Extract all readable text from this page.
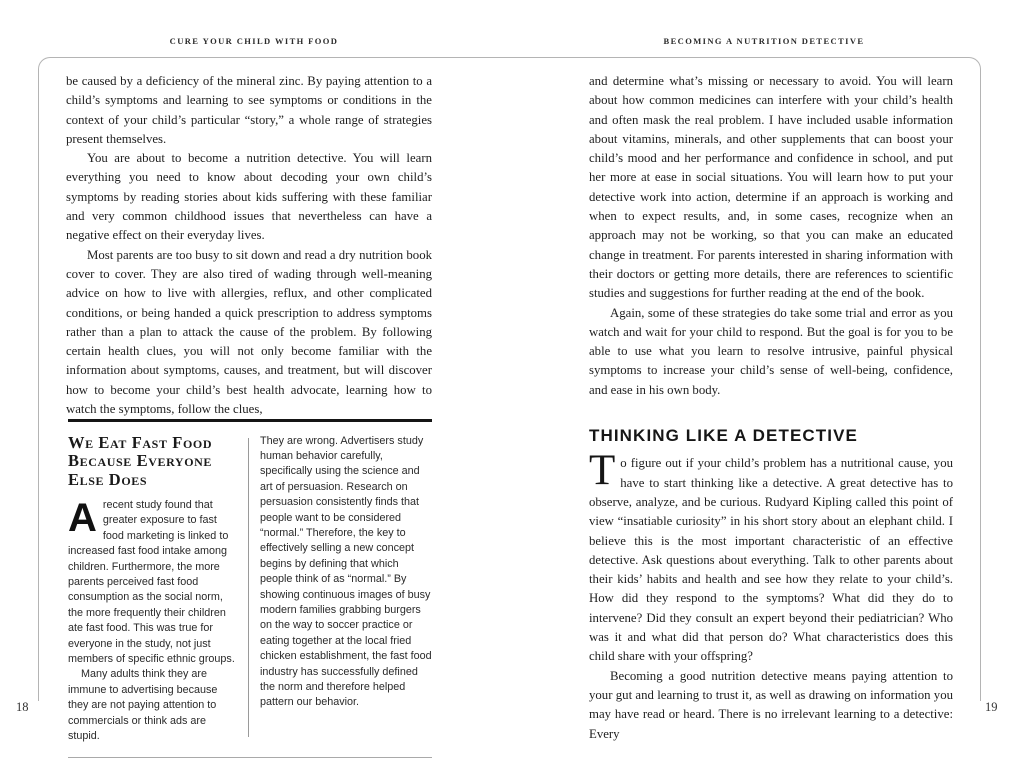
CURE YOUR CHILD WITH FOOD	BECOMING A NUTRITION DETECTIVE

be caused by a deficiency of the mineral zinc. By paying attention to a child’s symptoms and learning to see symptoms or conditions in the context of your child’s particular “story,” a whole range of strategies present themselves.

You are about to become a nutrition detective. You will learn everything you need to know about decoding your own child’s symptoms by reading stories about kids suffering with these familiar and very common childhood issues that nevertheless can have a negative effect on their everyday lives.

Most parents are too busy to sit down and read a dry nutrition book cover to cover. They are also tired of wading through well-meaning advice on how to live with allergies, reflux, and other complicated conditions, or being handed a quick prescription to address symptoms rather than a plan to attack the cause of the problem. By following certain health clues, you will not only become familiar with the information about symptoms, causes, and treatment, but will discover how to become your child’s best health advocate, learning how to watch the symptoms, follow the clues,

We Eat Fast Food Because Everyone Else Does

Arecent study found that greater exposure to fast food marketing is linked to increased fast food intake among children. Furthermore, the more parents perceived fast food consumption as the social norm, the more frequently their children ate fast food. This was true for everyone in the study, not just members of specific ethnic groups.

Many adults think they are immune to advertising because they are not paying attention to commercials or think ads are stupid.

They are wrong. Advertisers study human behavior carefully, specifically using the science and art of persuasion. Research on persuasion consistently finds that people want to be considered “normal.” Therefore, the key to effectively selling a new concept begins by defining that which people think of as “normal.” By showing continuous images of busy modern families grabbing burgers on the way to soccer practice or eating together at the local fried chicken establishment, the fast food industry has successfully defined the norm and therefore helped pattern our behavior.

and determine what’s missing or necessary to avoid. You will learn about how common medicines can interfere with your child’s health and often mask the real problem. I have included usable information about vitamins, minerals, and other supplements that can boost your child’s mood and her performance and confidence in school, and put her more at ease in social situations. You will learn how to put your detective work into action, determine if an approach is working and when to expect results, and, in some cases, recognize when an approach may not be working, so that you can make an educated change in treatment. For parents interested in sharing information with their doctors or getting more details, there are references to scientific studies and suggestions for further reading at the end of the book.

Again, some of these strategies do take some trial and error as you watch and wait for your child to respond. But the goal is for you to be able to use what you learn to resolve intrusive, painful physical symptoms to increase your child’s sense of well-being, confidence, and ease in his own body.

THINKING LIKE A DETECTIVE

To figure out if your child’s problem has a nutritional cause, you have to start thinking like a detective. A great detective has to observe, analyze, and be curious. Rudyard Kipling called this point of view “insatiable curiosity” in his short story about an elephant child. I believe this is the most important characteristic of an effective detective. Ask questions about everything. Talk to other parents about their kids’ habits and health and see how they relate to your child’s. How did they respond to the symptoms? What did they do to intervene? Did they consult an expert beyond their pediatrician? Who was it and what did that person do? What characteristics does this child share with your offspring?

Becoming a good nutrition detective means paying attention to your gut and learning to trust it, as well as drawing on information you may have read or heard. There is no irrelevant learning to a detective: Every

18	19
